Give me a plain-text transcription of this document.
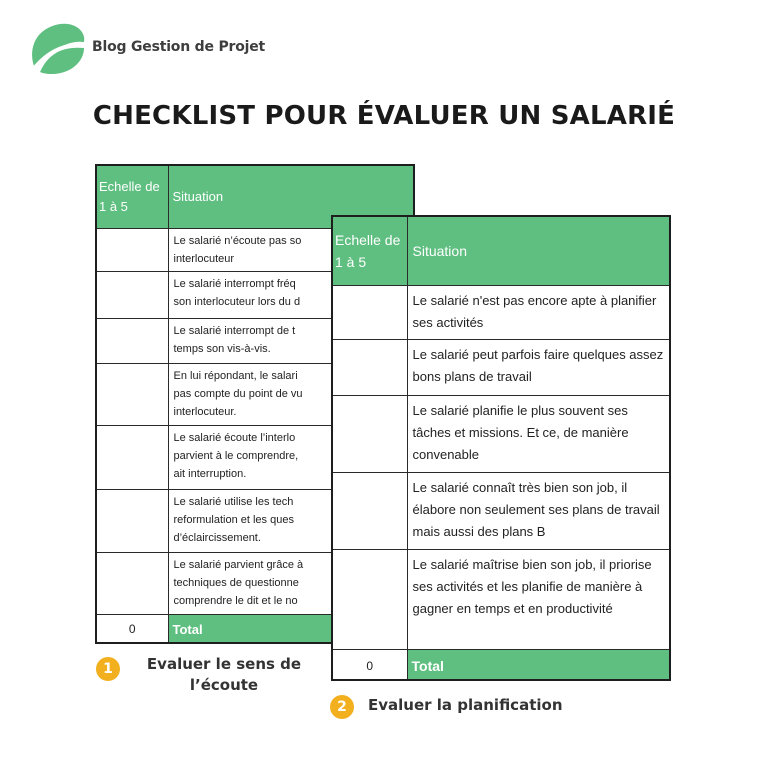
Blog Gestion de Projet
CHECKLIST POUR ÉVALUER UN SALARIÉ
Echelle de 1 à 5	Situation
	Le salarié n’écoute pas so
interlocuteur
	Le salarié interrompt fréq
son interlocuteur lors du d
	Le salarié interrompt de t
temps son vis-à-vis.
	En lui répondant, le salari
pas compte du point de vu
interlocuteur.
	Le salarié écoute l’interlo
parvient à le comprendre,
ait interruption.
	Le salarié utilise les tech
reformulation et les ques
d’éclaircissement.
	Le salarié parvient grâce à
techniques de questionne
comprendre le dit et le no
0	Total
Echelle de 1 à 5	Situation
	Le salarié n'est pas encore apte à planifier ses activités
	Le salarié peut parfois faire quelques assez bons plans de travail
	Le salarié planifie le plus souvent ses tâches et missions. Et ce, de manière convenable
	Le salarié connaît très bien son job, il élabore non seulement ses plans de travail mais aussi des plans B
	Le salarié maîtrise bien son job, il priorise ses activités et les planifie de manière à gagner en temps et en productivité
0	Total
1	Evaluer le sens de l’écoute
2	Evaluer la planification
